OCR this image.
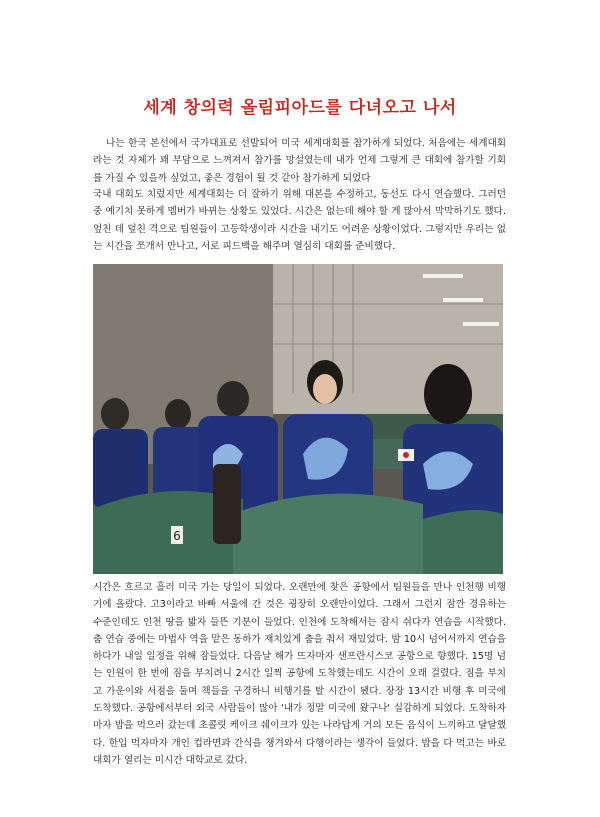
세계 창의력 올림피아드를 다녀오고 나서

나는 한국 본선에서 국가대표로 선발되어 미국 세계대회를 참가하게 되었다. 처음에는 세계대회라는 것 자체가 꽤 부담으로 느껴져서 참가를 망설였는데 내가 언제 그렇게 큰 대회에 참가할 기회를 가질 수 있을까 싶었고, 좋은 경험이 될 것 같아 참가하게 되었다

국내 대회도 치렀지만 세계대회는 더 잘하기 위해 대본을 수정하고, 동선도 다시 연습했다. 그러던 중 예기치 못하게 멤버가 바뀌는 상황도 있었다. 시간은 없는데 해야 할 게 많아서 막막하기도 했다. 엎친 데 덮친 격으로 팀원들이 고등학생이라 시간을 내기도 어려운 상황이었다. 그렇지만 우리는 없는 시간을 쪼개서 만나고, 서로 피드백을 해주며 열심히 대회를 준비했다.

6

시간은 흐르고 흘러 미국 가는 당일이 되었다. 오랜만에 찾은 공항에서 팀원들을 만나 인천행 비행기에 올랐다. 고3이라고 바빠 서울에 간 것은 굉장히 오랜만이었다. 그래서 그런지 잠깐 경유하는 수준인데도 인천 땅을 밟자 들뜬 기분이 들었다. 인천에 도착해서는 잠시 쉬다가 연습을 시작했다. 춤 연습 중에는 마법사 역을 맡은 동하가 재치있게 춤을 춰서 재밌었다. 밤 10시 넘어서까지 연습을 하다가 내일 일정을 위해 잠들었다. 다음날 해가 뜨자마자 샌프란시스코 공항으로 향했다. 15명 넘는 인원이 한 번에 짐을 부치려니 2시간 일찍 공항에 도착했는데도 시간이 오래 걸렸다. 짐을 부치고 가운이와 서점을 둘며 책들을 구경하니 비행기를 탈 시간이 됐다. 장장 13시간 비행 후 미국에 도착했다. 공항에서부터 외국 사람들이 많아 '내가 정말 미국에 왔구나' 실감하게 되었다. 도착하자마자 밥을 먹으러 갔는데 초콜릿 케이크 쉐이크가 있는 나라답게 거의 모든 음식이 느끼하고 달달했다. 한입 먹자마자 개인 컵라면과 간식을 챙겨와서 다행이라는 생각이 들었다. 밥을 다 먹고는 바로 대회가 열리는 미시간 대학교로 갔다.
